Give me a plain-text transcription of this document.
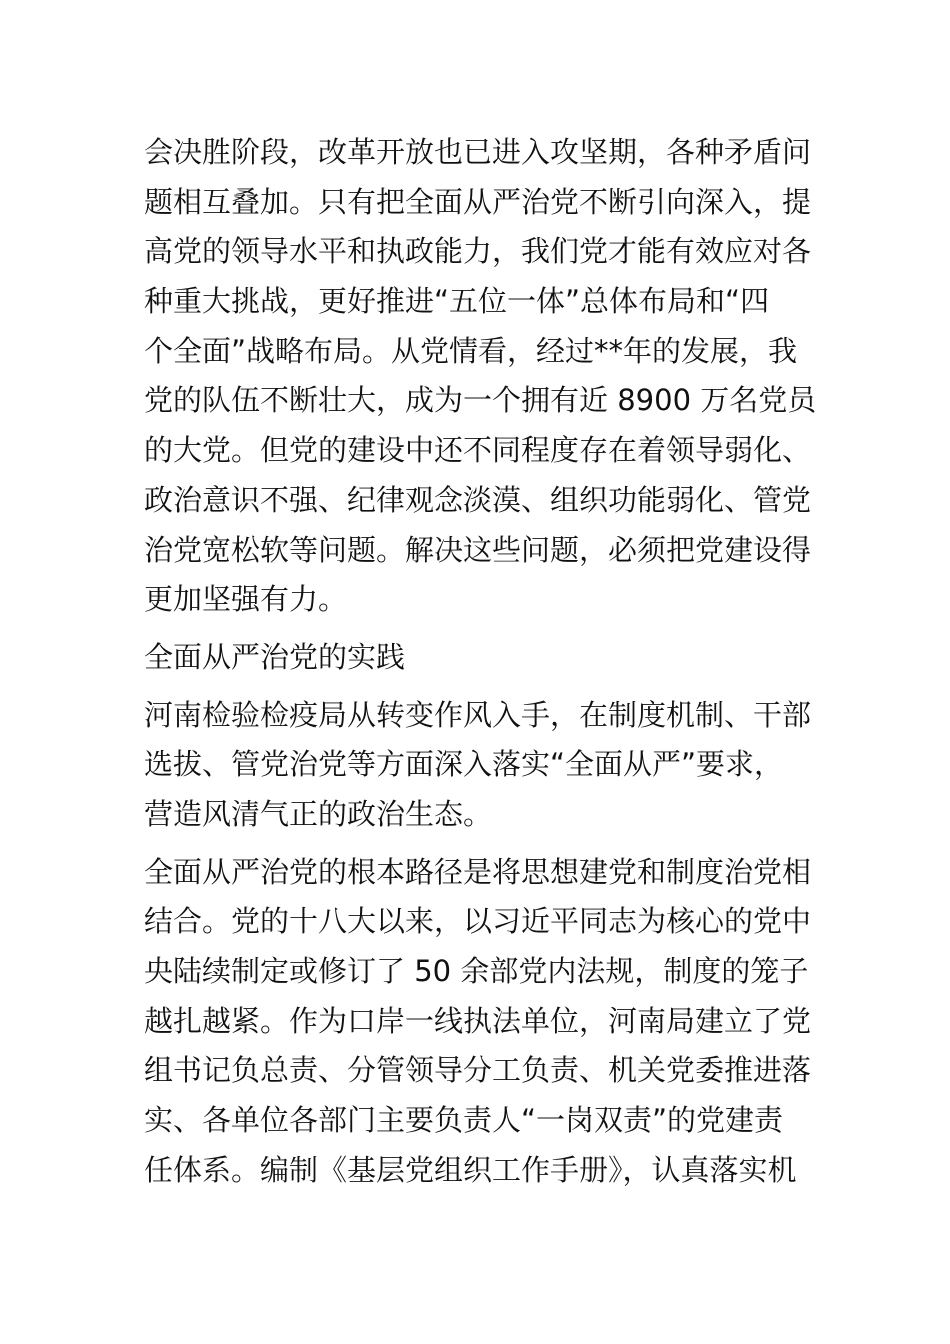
会决胜阶段，改革开放也已进入攻坚期，各种矛盾问
题相互叠加。只有把全面从严治党不断引向深入，提
高党的领导水平和执政能力，我们党才能有效应对各
种重大挑战，更好推进“五位一体”总体布局和“四
个全面”战略布局。从党情看，经过**年的发展，我
党的队伍不断壮大，成为一个拥有近 8900 万名党员
的大党。但党的建设中还不同程度存在着领导弱化、
政治意识不强、纪律观念淡漠、组织功能弱化、管党
治党宽松软等问题。解决这些问题，必须把党建设得
更加坚强有力。
全面从严治党的实践
河南检验检疫局从转变作风入手，在制度机制、干部
选拔、管党治党等方面深入落实“全面从严”要求，
营造风清气正的政治生态。
全面从严治党的根本路径是将思想建党和制度治党相
结合。党的十八大以来，以习近平同志为核心的党中
央陆续制定或修订了 50 余部党内法规，制度的笼子
越扎越紧。作为口岸一线执法单位，河南局建立了党
组书记负总责、分管领导分工负责、机关党委推进落
实、各单位各部门主要负责人“一岗双责”的党建责
任体系。编制《基层党组织工作手册》，认真落实机
